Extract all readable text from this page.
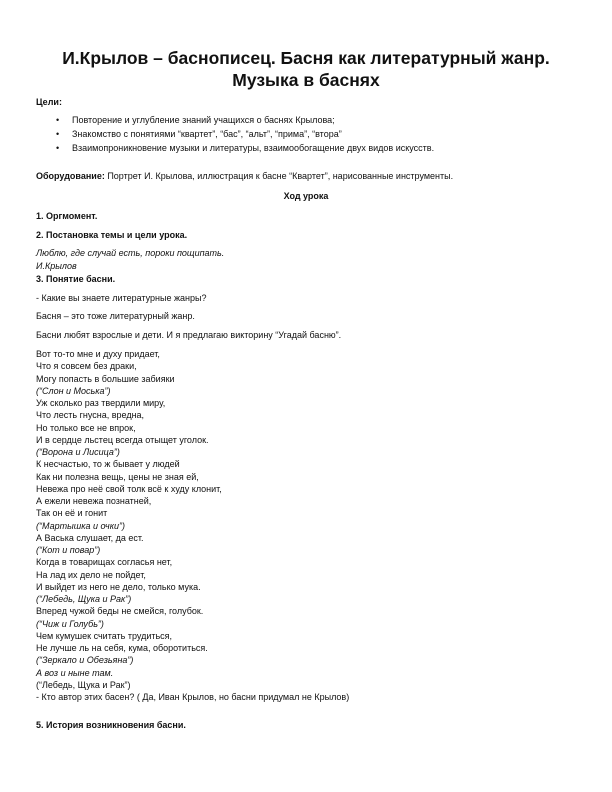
И.Крылов – баснописец. Басня как литературный жанр.
Музыка в баснях

Цели:

• Повторение и углубление знаний учащихся о баснях Крылова;
• Знакомство с понятиями “квартет”, “бас”, “альт”, “прима”, “втора”
• Взаимопроникновение музыки и литературы, взаимообогащение двух видов искусств.

Оборудование: Портрет И. Крылова, иллюстрация к басне “Квартет”, нарисованные инструменты.

Ход урока

1. Оргмомент.

2. Постановка темы и цели урока.

Люблю, где случай есть, пороки пощипать.

И.Крылов

3. Понятие басни.

- Какие вы знаете литературные жанры?

Басня – это тоже литературный жанр.

Басни любят взрослые и дети. И я предлагаю викторину “Угадай басню”.

Вот то-то мне и духу придает,
Что я совсем без драки,
Могу попасть в большие забияки
(“Слон и Моська”)
Уж сколько раз твердили миру,
Что лесть гнусна, вредна,
Но только все не впрок,
И в сердце льстец всегда отыщет уголок.
(“Ворона и Лисица”)
К несчастью, то ж бывает у людей
Как ни полезна вещь, цены не зная ей,
Невежа про неё свой толк всё к худу клонит,
А ежели невежа познатней,
Так он её и гонит
(“Мартышка и очки”)
А Васька слушает, да ест.
(“Кот и повар”)
Когда в товарищах согласья нет,
На лад их дело не пойдет,
И выйдет из него не дело, только мука.
(“Лебедь, Щука и Рак”)
Вперед чужой беды не смейся, голубок.
(“Чиж и Голубь”)
Чем кумушек считать трудиться,
Не лучше ль на себя, кума, оборотиться.
(“Зеркало и Обезьяна”)
А воз и ныне там.
(“Лебедь, Щука и Рак”)
- Кто автор этих басен? ( Да, Иван Крылов, но басни придумал не Крылов)

5. История возникновения басни.
